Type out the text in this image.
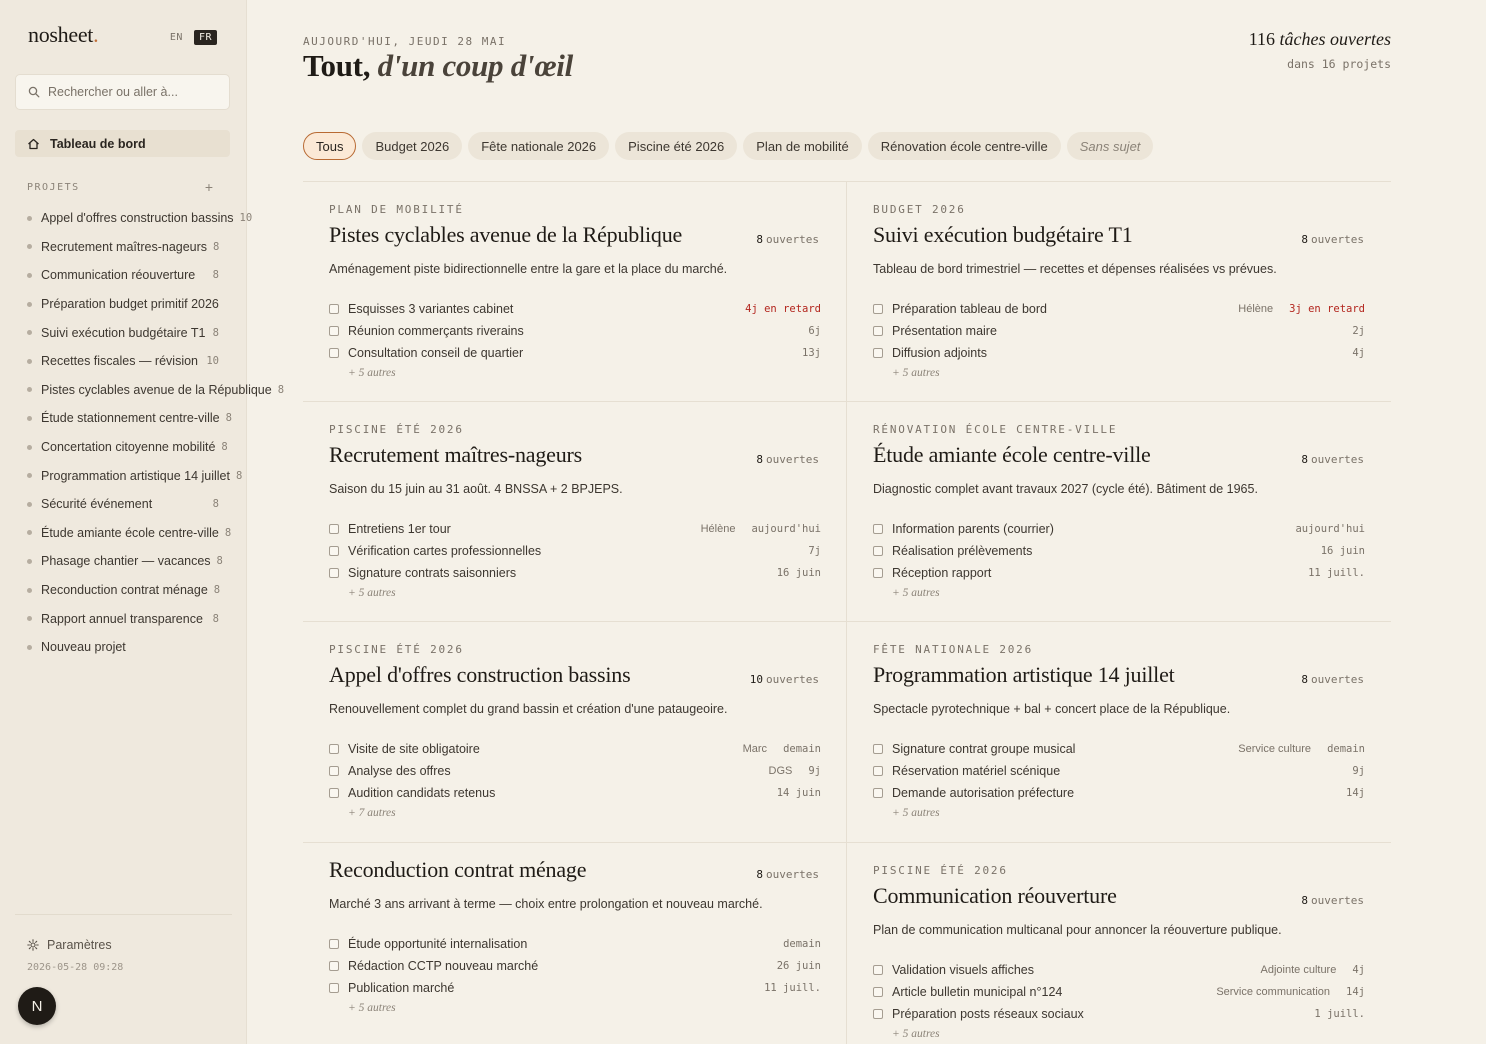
nosheet.	EN	FR
Rechercher ou aller à...
Tableau de bord
PROJETS	+
Appel d'offres construction bassins 10
Recrutement maîtres-nageurs 8
Communication réouverture	8
Préparation budget primitif 2026
Suivi exécution budgétaire T1 8
Recettes fiscales — révision 10
Pistes cyclables avenue de la République 8
Étude stationnement centre-ville 8
Concertation citoyenne mobilité 8
Programmation artistique 14 juillet 8
Sécurité événement	8
Étude amiante école centre-ville 8
Phasage chantier — vacances 8
Reconduction contrat ménage 8
Rapport annuel transparence 8
Nouveau projet
Paramètres
2026-05-28 09:28
N
AUJOURD'HUI, JEUDI 28 MAI
Tout, d'un coup d'œil
116 tâches ouvertes
dans 16 projets
Tous	Budget 2026	Fête nationale 2026	Piscine été 2026	Plan de mobilité	Rénovation école centre-ville	Sans sujet
PLAN DE MOBILITÉ
Pistes cyclables avenue de la République	8 ouvertes
Aménagement piste bidirectionnelle entre la gare et la place du marché.
Esquisses 3 variantes cabinet	4j en retard
Réunion commerçants riverains	6j
Consultation conseil de quartier	13j
+ 5 autres
BUDGET 2026
Suivi exécution budgétaire T1	8 ouvertes
Tableau de bord trimestriel — recettes et dépenses réalisées vs prévues.
Préparation tableau de bord	Hélène 3j en retard
Présentation maire	2j
Diffusion adjoints	4j
+ 5 autres
PISCINE ÉTÉ 2026
Recrutement maîtres-nageurs	8 ouvertes
Saison du 15 juin au 31 août. 4 BNSSA + 2 BPJEPS.
Entretiens 1er tour	Hélène aujourd'hui
Vérification cartes professionnelles	7j
Signature contrats saisonniers	16 juin
+ 5 autres
RÉNOVATION ÉCOLE CENTRE-VILLE
Étude amiante école centre-ville	8 ouvertes
Diagnostic complet avant travaux 2027 (cycle été). Bâtiment de 1965.
Information parents (courrier)	aujourd'hui
Réalisation prélèvements	16 juin
Réception rapport	11 juill.
+ 5 autres
PISCINE ÉTÉ 2026
Appel d'offres construction bassins	10 ouvertes
Renouvellement complet du grand bassin et création d'une pataugeoire.
Visite de site obligatoire	Marc demain
Analyse des offres	DGS 9j
Audition candidats retenus	14 juin
+ 7 autres
FÊTE NATIONALE 2026
Programmation artistique 14 juillet	8 ouvertes
Spectacle pyrotechnique + bal + concert place de la République.
Signature contrat groupe musical	Service culture demain
Réservation matériel scénique	9j
Demande autorisation préfecture	14j
+ 5 autres
Reconduction contrat ménage	8 ouvertes
Marché 3 ans arrivant à terme — choix entre prolongation et nouveau marché.
Étude opportunité internalisation	demain
Rédaction CCTP nouveau marché	26 juin
Publication marché	11 juill.
+ 5 autres
PISCINE ÉTÉ 2026
Communication réouverture	8 ouvertes
Plan de communication multicanal pour annoncer la réouverture publique.
Validation visuels affiches	Adjointe culture 4j
Article bulletin municipal n°124	Service communication 14j
Préparation posts réseaux sociaux	1 juill.
+ 5 autres
